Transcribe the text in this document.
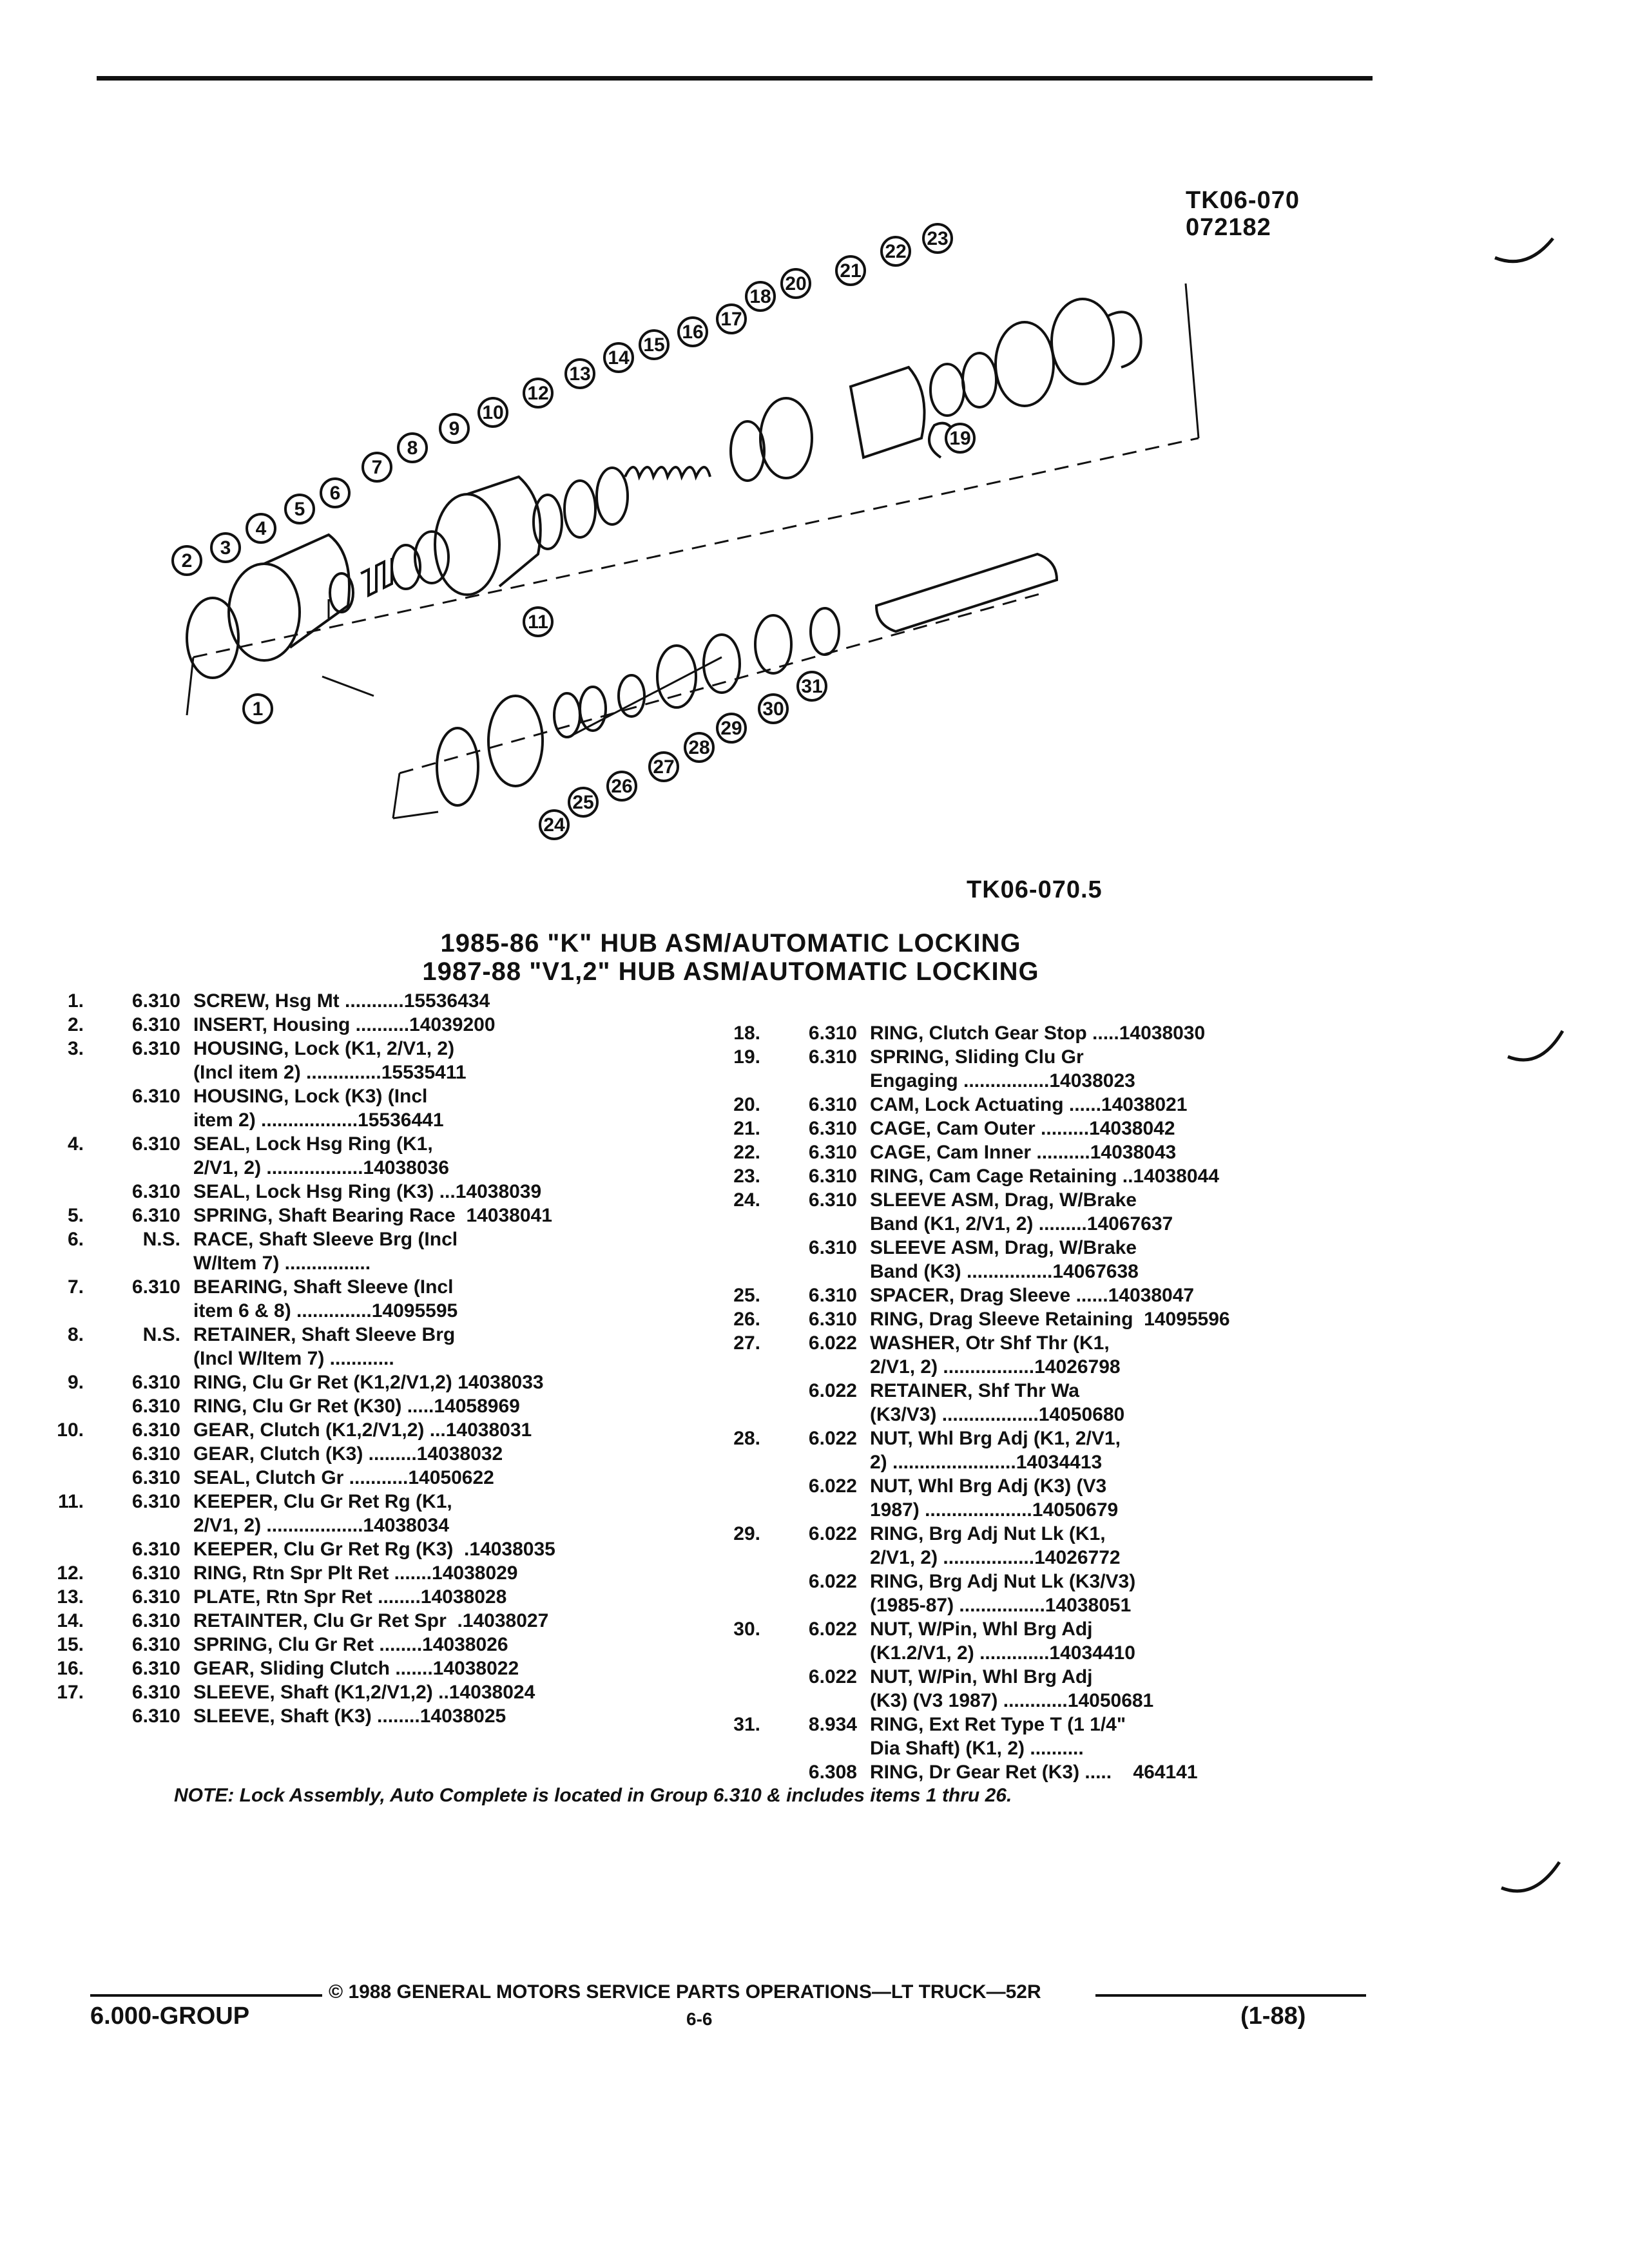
TK06-070
072182
1
2
3
4
5
6
7
8
9
10
11
12
13
14
15
16
17
18
19
20
21
22
23
24
25
26
27
28
29
30
31
TK06-070.5
1985-86 "K" HUB ASM/AUTOMATIC LOCKING
1987-88 "V1,2" HUB ASM/AUTOMATIC LOCKING
1.	6.310 SCREW, Hsg Mt ...........15536434
2.	6.310 INSERT, Housing ..........14039200
3.	6.310 HOUSING, Lock (K1, 2/V1, 2)
(Incl item 2) ..............15535411
6.310 HOUSING, Lock (K3) (Incl
item 2) ..................15536441
4.	6.310 SEAL, Lock Hsg Ring (K1,
2/V1, 2) ..................14038036
6.310 SEAL, Lock Hsg Ring (K3) ...14038039
5.	6.310 SPRING, Shaft Bearing Race  14038041
6.	N.S. RACE, Shaft Sleeve Brg (Incl
W/Item 7) ................
7.	6.310 BEARING, Shaft Sleeve (Incl
item 6 & 8) ..............14095595
8.	N.S. RETAINER, Shaft Sleeve Brg
(Incl W/Item 7) ............
9.	6.310 RING, Clu Gr Ret (K1,2/V1,2) 14038033
6.310 RING, Clu Gr Ret (K30) .....14058969
10.	6.310 GEAR, Clutch (K1,2/V1,2) ...14038031
6.310 GEAR, Clutch (K3) .........14038032
6.310 SEAL, Clutch Gr ...........14050622
11.	6.310 KEEPER, Clu Gr Ret Rg (K1,
2/V1, 2) ..................14038034
6.310 KEEPER, Clu Gr Ret Rg (K3)  .14038035
12.	6.310 RING, Rtn Spr Plt Ret .......14038029
13.	6.310 PLATE, Rtn Spr Ret ........14038028
14.	6.310 RETAINTER, Clu Gr Ret Spr  .14038027
15.	6.310 SPRING, Clu Gr Ret ........14038026
16.	6.310 GEAR, Sliding Clutch .......14038022
17.	6.310 SLEEVE, Shaft (K1,2/V1,2) ..14038024
6.310 SLEEVE, Shaft (K3) ........14038025
18.	6.310 RING, Clutch Gear Stop .....14038030
19.	6.310 SPRING, Sliding Clu Gr
Engaging ................14038023
20.	6.310 CAM, Lock Actuating ......14038021
21.	6.310 CAGE, Cam Outer .........14038042
22.	6.310 CAGE, Cam Inner ..........14038043
23.	6.310 RING, Cam Cage Retaining ..14038044
24.	6.310 SLEEVE ASM, Drag, W/Brake
Band (K1, 2/V1, 2) .........14067637
6.310 SLEEVE ASM, Drag, W/Brake
Band (K3) ................14067638
25.	6.310 SPACER, Drag Sleeve ......14038047
26.	6.310 RING, Drag Sleeve Retaining  14095596
27.	6.022 WASHER, Otr Shf Thr (K1,
2/V1, 2) .................14026798
6.022 RETAINER, Shf Thr Wa
(K3/V3) ..................14050680
28.	6.022 NUT, Whl Brg Adj (K1, 2/V1,
2) .......................14034413
6.022 NUT, Whl Brg Adj (K3) (V3
1987) ....................14050679
29.	6.022 RING, Brg Adj Nut Lk (K1,
2/V1, 2) .................14026772
6.022 RING, Brg Adj Nut Lk (K3/V3)
(1985-87) ................14038051
30.	6.022 NUT, W/Pin, Whl Brg Adj
(K1.2/V1, 2) .............14034410
6.022 NUT, W/Pin, Whl Brg Adj
(K3) (V3 1987) ............14050681
31.	8.934 RING, Ext Ret Type T (1 1/4"
Dia Shaft) (K1, 2) ..........
6.308 RING, Dr Gear Ret (K3) .....    464141
NOTE: Lock Assembly, Auto Complete is located in Group 6.310 & includes items 1 thru 26.
© 1988 GENERAL MOTORS SERVICE PARTS OPERATIONS—LT TRUCK—52R
6.000-GROUP	6-6	(1-88)
